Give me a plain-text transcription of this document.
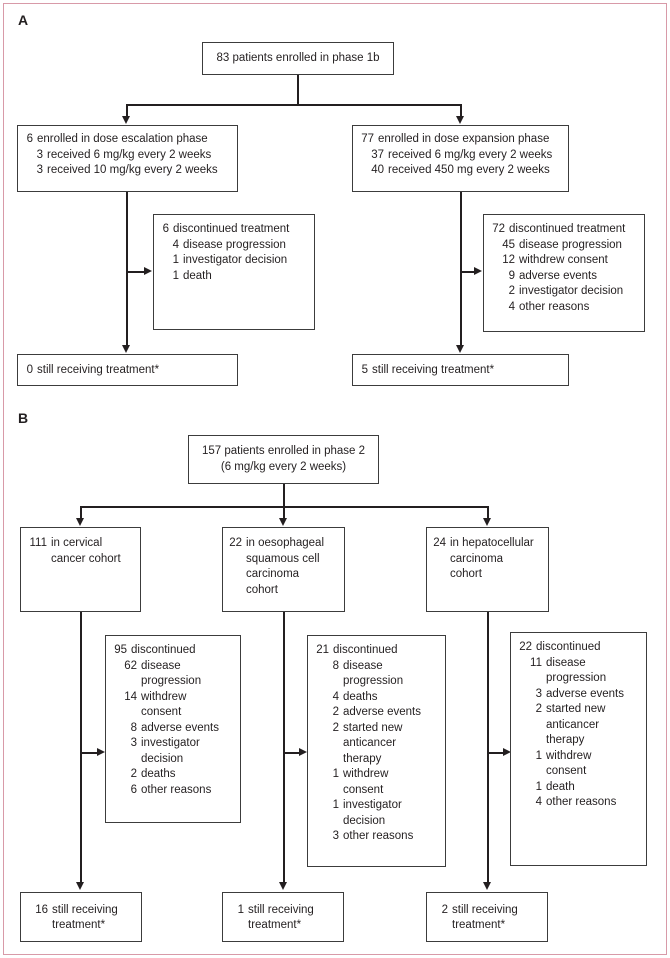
A
83 patients enrolled in phase 1b
6 enrolled in dose escalation phase
3 received 6 mg/kg every 2 weeks
3 received 10 mg/kg every 2 weeks
77 enrolled in dose expansion phase
37 received 6 mg/kg every 2 weeks
40 received 450 mg every 2 weeks
6 discontinued treatment
4 disease progression
1 investigator decision
1 death
72 discontinued treatment
45 disease progression
12 withdrew consent
9 adverse events
2 investigator decision
4 other reasons
0 still receiving treatment*	5 still receiving treatment*
B
157 patients enrolled in phase 2
(6 mg/kg every 2 weeks)
111 in cervical
cancer cohort
22 in oesophageal
squamous cell
carcinoma
cohort
24 in hepatocellular
carcinoma
cohort
95 discontinued
62 disease
progression
14 withdrew
consent
8 adverse events
3 investigator
decision
2 deaths
6 other reasons
21 discontinued
8 disease
progression
4 deaths
2 adverse events
2 started new
anticancer
therapy
1 withdrew
consent
1 investigator
decision
3 other reasons
22 discontinued
11 disease
progression
3 adverse events
2 started new
anticancer
therapy
1 withdrew
consent
1 death
4 other reasons
16 still receiving
treatment*
1 still receiving
treatment*
2 still receiving
treatment*
